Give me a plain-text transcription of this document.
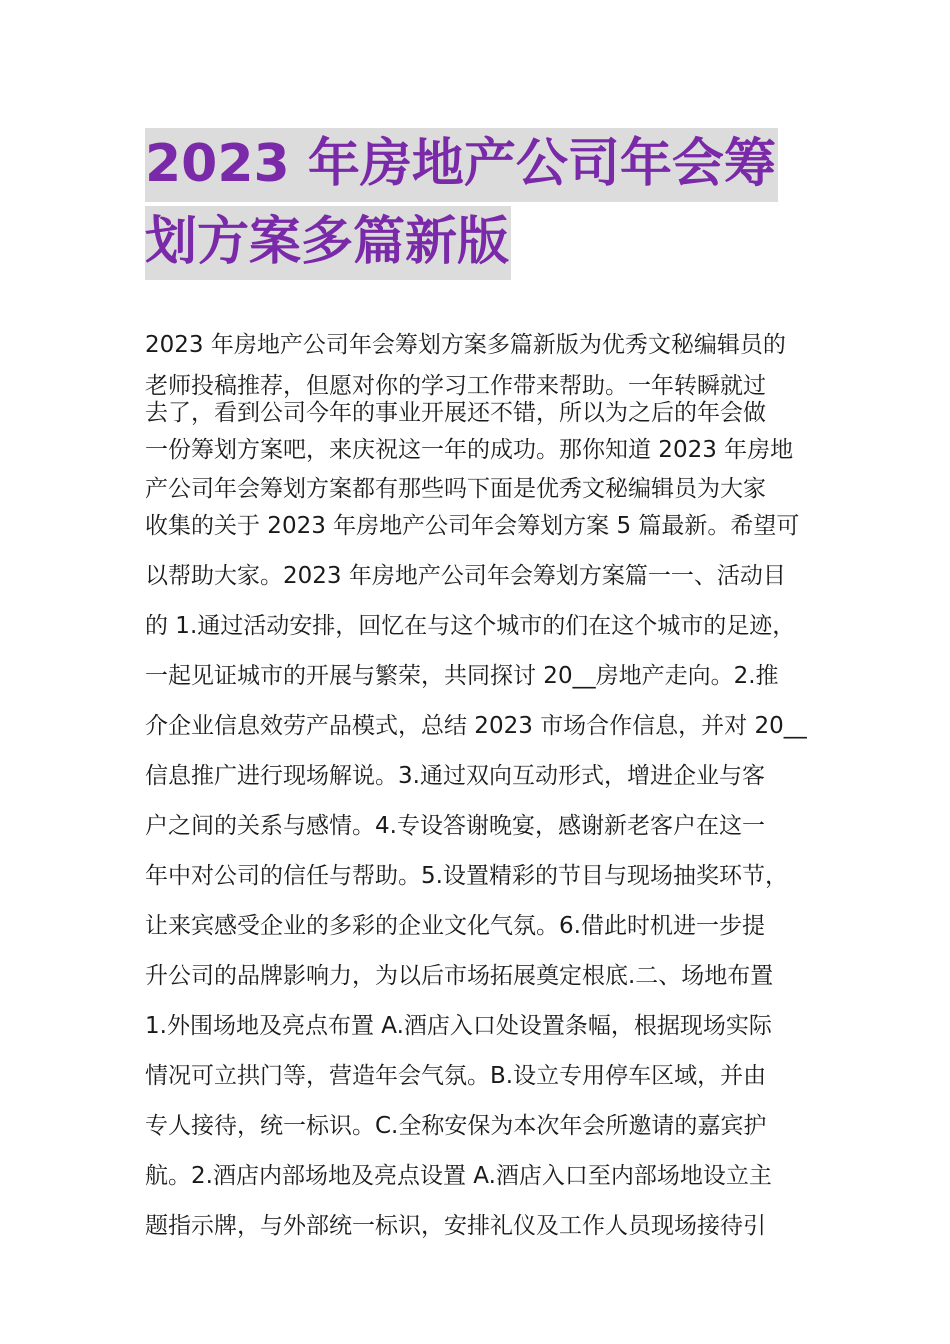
2023 年房地产公司年会筹
划方案多篇新版
2023 年房地产公司年会筹划方案多篇新版为优秀文秘编辑员的
老师投稿推荐，但愿对你的学习工作带来帮助。一年转瞬就过
去了，看到公司今年的事业开展还不错，所以为之后的年会做
一份筹划方案吧，来庆祝这一年的成功。那你知道 2023 年房地
产公司年会筹划方案都有那些吗下面是优秀文秘编辑员为大家
收集的关于 2023 年房地产公司年会筹划方案 5 篇最新。希望可
以帮助大家。2023 年房地产公司年会筹划方案篇一一、活动目
的 1.通过活动安排，回忆在与这个城市的们在这个城市的足迹，
一起见证城市的开展与繁荣，共同探讨 20__房地产走向。2.推
介企业信息效劳产品模式，总结 2023 市场合作信息，并对 20__
信息推广进行现场解说。3.通过双向互动形式，增进企业与客
户之间的关系与感情。4.专设答谢晚宴，感谢新老客户在这一
年中对公司的信任与帮助。5.设置精彩的节目与现场抽奖环节，
让来宾感受企业的多彩的企业文化气氛。6.借此时机进一步提
升公司的品牌影响力，为以后市场拓展奠定根底.二、场地布置
1.外围场地及亮点布置 A.酒店入口处设置条幅，根据现场实际
情况可立拱门等，营造年会气氛。B.设立专用停车区域，并由
专人接待，统一标识。C.全称安保为本次年会所邀请的嘉宾护
航。2.酒店内部场地及亮点设置 A.酒店入口至内部场地设立主
题指示牌，与外部统一标识，安排礼仪及工作人员现场接待引
